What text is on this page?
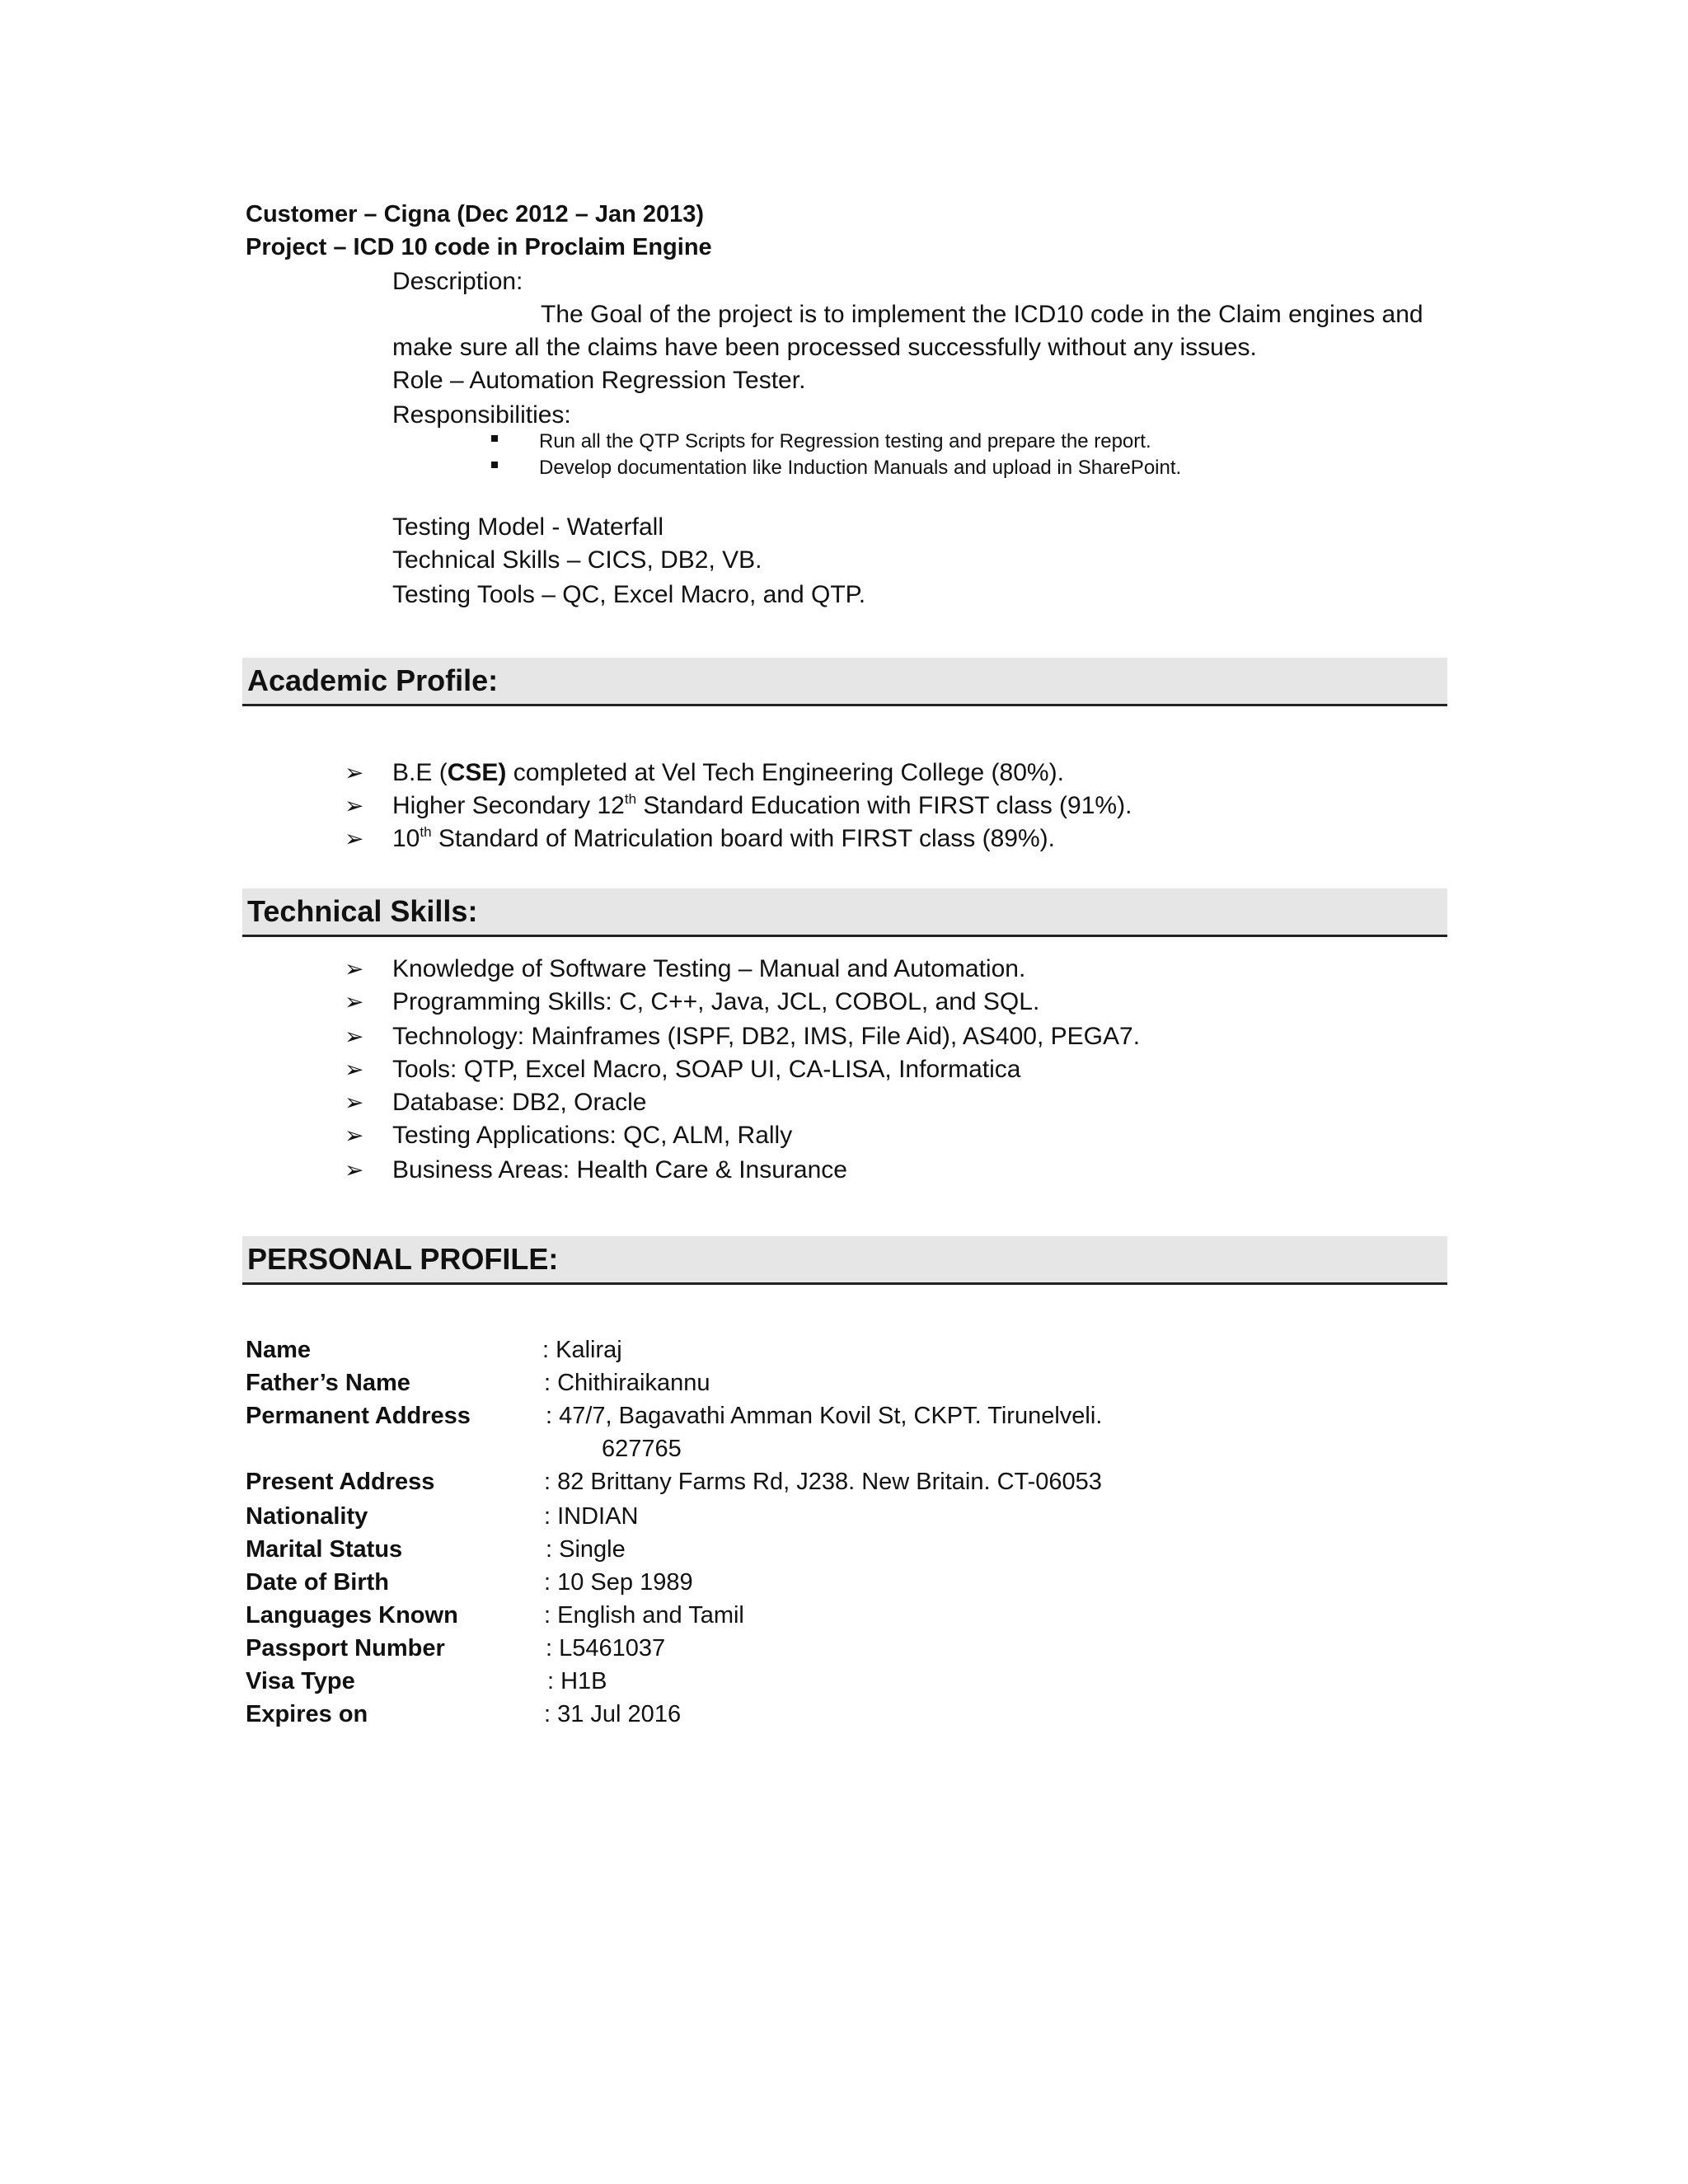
Customer – Cigna (Dec 2012 – Jan 2013)
Project – ICD 10 code in Proclaim Engine
Description:
The Goal of the project is to implement the ICD10 code in the Claim engines and
make sure all the claims have been processed successfully without any issues.
Role – Automation Regression Tester.
Responsibilities:
Run all the QTP Scripts for Regression testing and prepare the report.
Develop documentation like Induction Manuals and upload in SharePoint.
Testing Model - Waterfall
Technical Skills – CICS, DB2, VB.
Testing Tools – QC, Excel Macro, and QTP.
Academic Profile:
➢ B.E (CSE) completed at Vel Tech Engineering College (80%).
➢ Higher Secondary 12th Standard Education with FIRST class (91%).
➢ 10th Standard of Matriculation board with FIRST class (89%).
Technical Skills:
➢ Knowledge of Software Testing – Manual and Automation.
➢ Programming Skills: C, C++, Java, JCL, COBOL, and SQL.
➢ Technology: Mainframes (ISPF, DB2, IMS, File Aid), AS400, PEGA7.
➢ Tools: QTP, Excel Macro, SOAP UI, CA-LISA, Informatica
➢ Database: DB2, Oracle
➢ Testing Applications: QC, ALM, Rally
➢ Business Areas: Health Care & Insurance
PERSONAL PROFILE:
Name	: Kaliraj
Father’s Name	: Chithiraikannu
Permanent Address	: 47/7, Bagavathi Amman Kovil St, CKPT. Tirunelveli.
627765
Present Address	: 82 Brittany Farms Rd, J238. New Britain. CT-06053
Nationality	: INDIAN
Marital Status	: Single
Date of Birth	: 10 Sep 1989
Languages Known	: English and Tamil
Passport Number	: L5461037
Visa Type	: H1B
Expires on	: 31 Jul 2016
